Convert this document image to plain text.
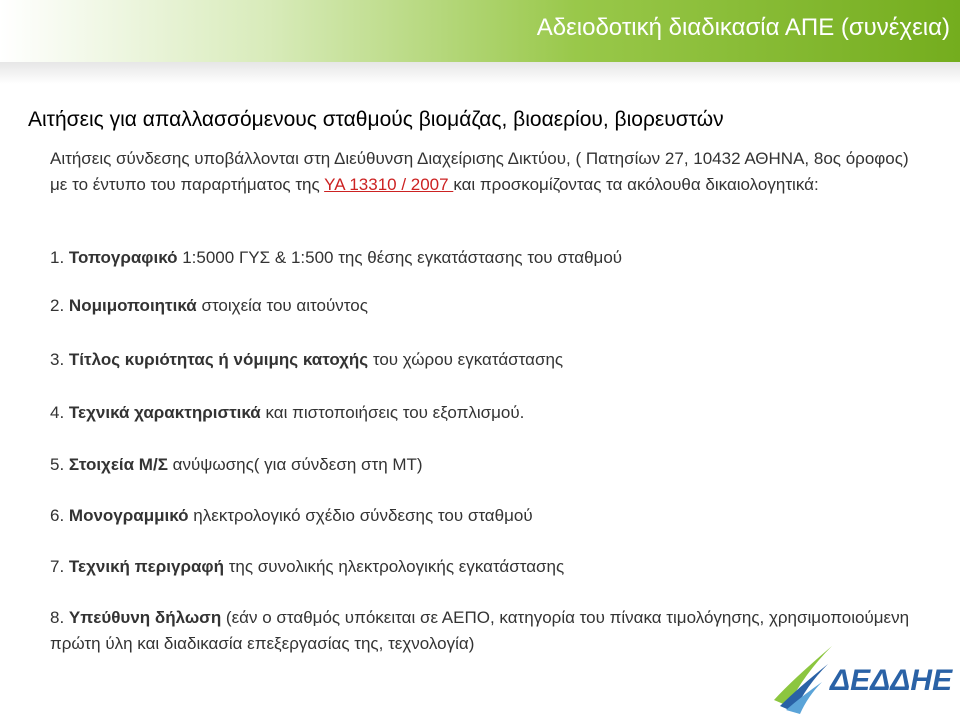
Αδειοδοτική διαδικασία ΑΠΕ (συνέχεια)
Αιτήσεις για απαλλασσόμενους σταθμούς βιομάζας, βιοαερίου, βιορευστών
Αιτήσεις σύνδεσης υποβάλλονται στη Διεύθυνση Διαχείρισης Δικτύου, ( Πατησίων 27, 10432 ΑΘΗΝΑ, 8ος όροφος) με το έντυπο του παραρτήματος της ΥΑ 13310 / 2007 και προσκομίζοντας τα ακόλουθα δικαιολογητικά:
1. Τοπογραφικό 1:5000 ΓΥΣ & 1:500 της θέσης εγκατάστασης του σταθμού
2. Νομιμοποιητικά στοιχεία του αιτούντος
3. Τίτλος κυριότητας ή νόμιμης κατοχής του χώρου εγκατάστασης
4. Τεχνικά χαρακτηριστικά και πιστοποιήσεις του εξοπλισμού.
5. Στοιχεία Μ/Σ ανύψωσης( για σύνδεση στη ΜΤ)
6. Μονογραμμικό ηλεκτρολογικό σχέδιο σύνδεσης του σταθμού
7. Τεχνική περιγραφή της συνολικής ηλεκτρολογικής εγκατάστασης
8. Υπεύθυνη δήλωση (εάν ο σταθμός υπόκειται σε ΑΕΠΟ, κατηγορία του πίνακα τιμολόγησης, χρησιμοποιούμενη πρώτη ύλη και διαδικασία επεξεργασίας της, τεχνολογία)
ΔΕΔΔΗΕ
